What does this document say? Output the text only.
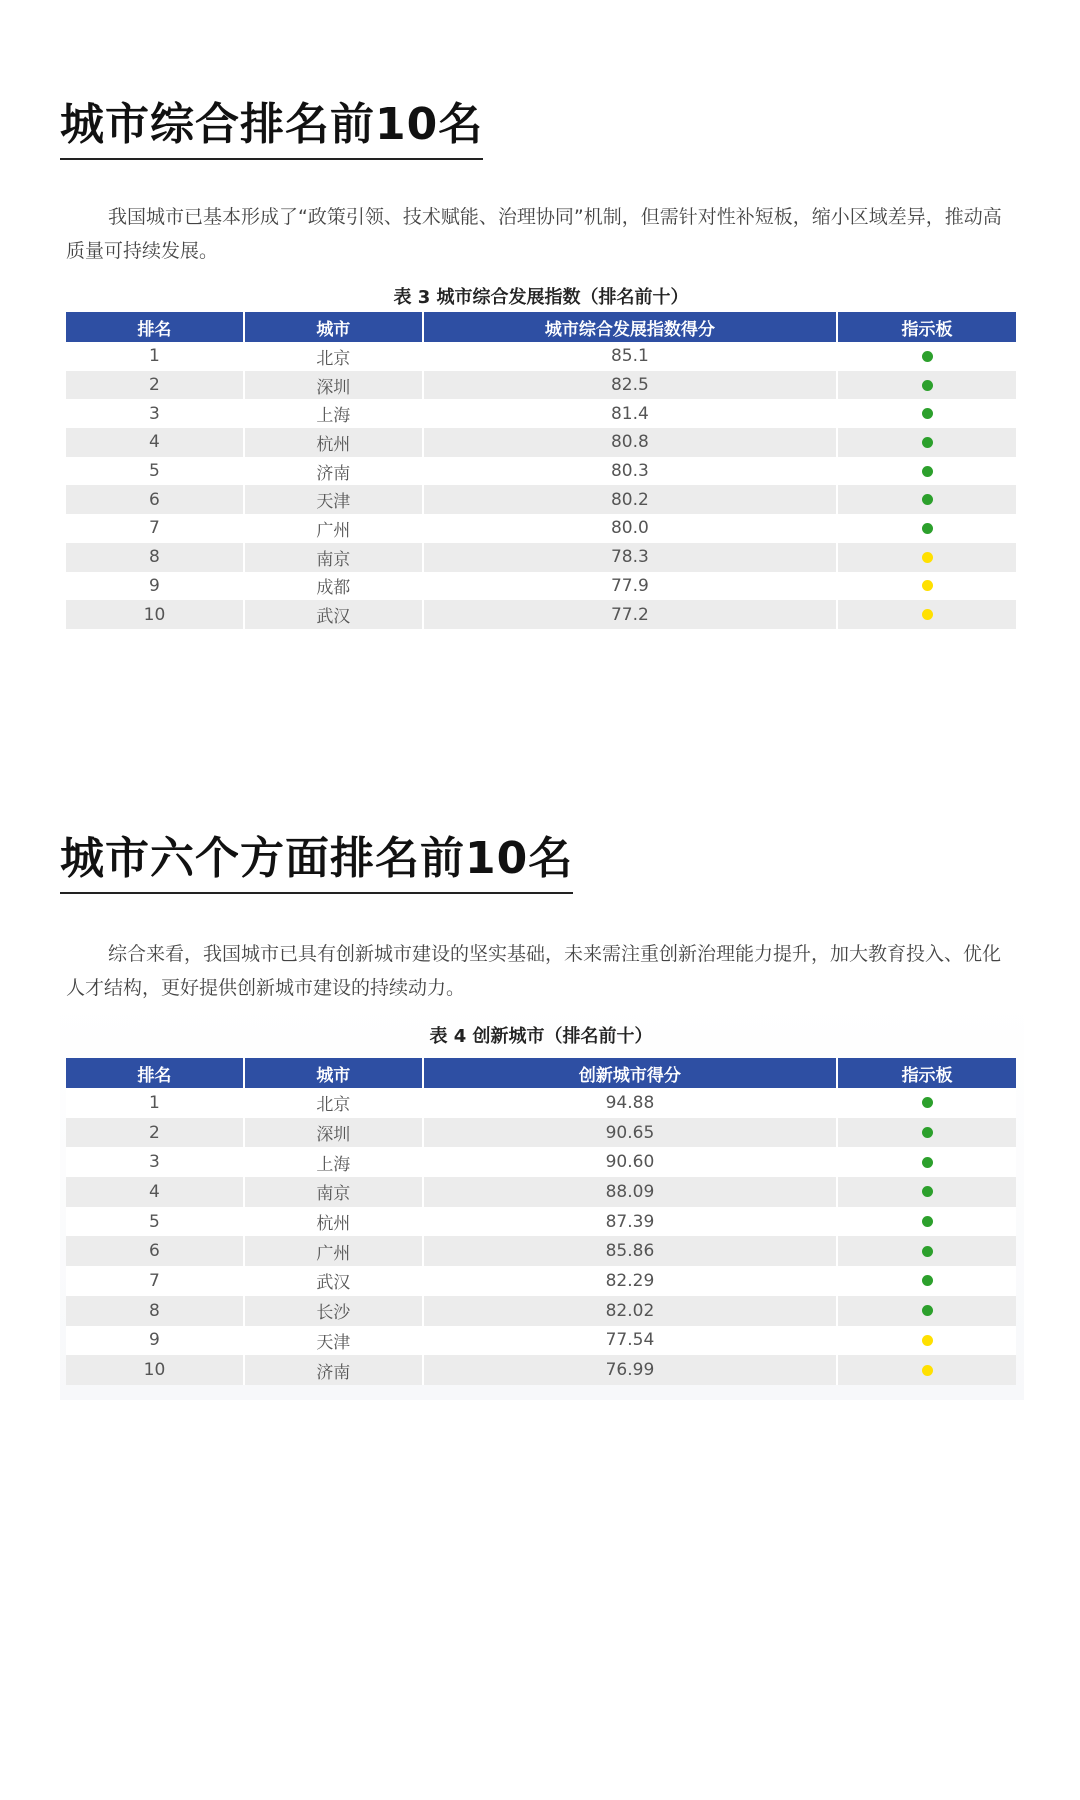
城市综合排名前10名
我国城市已基本形成了“政策引领、技术赋能、治理协同”机制，但需针对性补短板，缩小区域差异，推动高质量可持续发展。
表 3 城市综合发展指数（排名前十）
排名	城市	城市综合发展指数得分	指示板
1	北京	85.1	
2	深圳	82.5	
3	上海	81.4	
4	杭州	80.8	
5	济南	80.3	
6	天津	80.2	
7	广州	80.0	
8	南京	78.3	
9	成都	77.9	
10	武汉	77.2	
城市六个方面排名前10名
综合来看，我国城市已具有创新城市建设的坚实基础，未来需注重创新治理能力提升，加大教育投入、优化人才结构，更好提供创新城市建设的持续动力。
表 4 创新城市（排名前十）
排名	城市	创新城市得分	指示板
1	北京	94.88	
2	深圳	90.65	
3	上海	90.60	
4	南京	88.09	
5	杭州	87.39	
6	广州	85.86	
7	武汉	82.29	
8	长沙	82.02	
9	天津	77.54	
10	济南	76.99	
